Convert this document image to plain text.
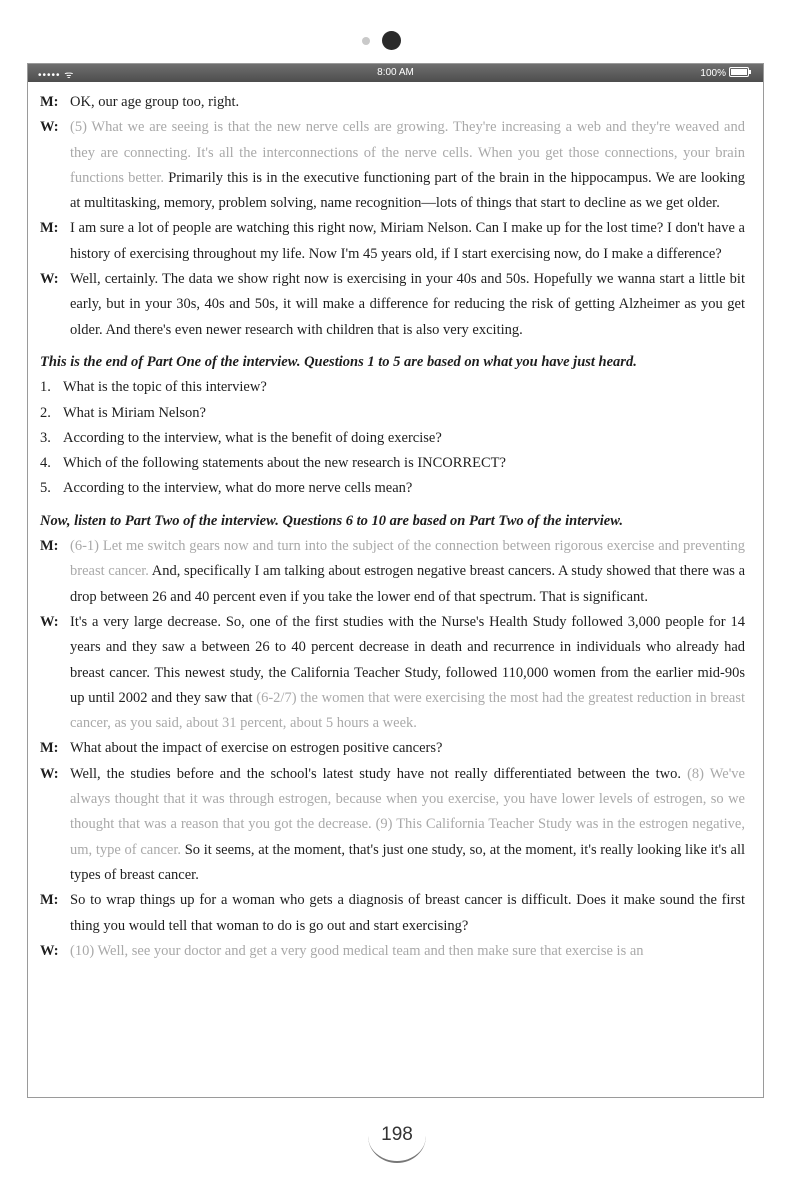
••••• ᯤ	8:00 AM	100%
M: OK, our age group too, right.
W: (5) What we are seeing is that the new nerve cells are growing. They're increasing a web and they're weaved and they are connecting. It's all the interconnections of the nerve cells. When you get those connections, your brain functions better. Primarily this is in the executive functioning part of the brain in the hippocampus. We are looking at multitasking, memory, problem solving, name recognition—lots of things that start to decline as we get older.
M: I am sure a lot of people are watching this right now, Miriam Nelson. Can I make up for the lost time? I don't have a history of exercising throughout my life. Now I'm 45 years old, if I start exercising now, do I make a difference?
W: Well, certainly. The data we show right now is exercising in your 40s and 50s. Hopefully we wanna start a little bit early, but in your 30s, 40s and 50s, it will make a difference for reducing the risk of getting Alzheimer as you get older. And there's even newer research with children that is also very exciting.
This is the end of Part One of the interview. Questions 1 to 5 are based on what you have just heard.
1. What is the topic of this interview?
2. What is Miriam Nelson?
3. According to the interview, what is the benefit of doing exercise?
4. Which of the following statements about the new research is INCORRECT?
5. According to the interview, what do more nerve cells mean?
Now, listen to Part Two of the interview. Questions 6 to 10 are based on Part Two of the interview.
M: (6-1) Let me switch gears now and turn into the subject of the connection between rigorous exercise and preventing breast cancer. And, specifically I am talking about estrogen negative breast cancers. A study showed that there was a drop between 26 and 40 percent even if you take the lower end of that spectrum. That is significant.
W: It's a very large decrease. So, one of the first studies with the Nurse's Health Study followed 3,000 people for 14 years and they saw a between 26 to 40 percent decrease in death and recurrence in individuals who already had breast cancer. This newest study, the California Teacher Study, followed 110,000 women from the earlier mid-90s up until 2002 and they saw that (6-2/7) the women that were exercising the most had the greatest reduction in breast cancer, as you said, about 31 percent, about 5 hours a week.
M: What about the impact of exercise on estrogen positive cancers?
W: Well, the studies before and the school's latest study have not really differentiated between the two. (8) We've always thought that it was through estrogen, because when you exercise, you have lower levels of estrogen, so we thought that was a reason that you got the decrease. (9) This California Teacher Study was in the estrogen negative, um, type of cancer. So it seems, at the moment, that's just one study, so, at the moment, it's really looking like it's all types of breast cancer.
M: So to wrap things up for a woman who gets a diagnosis of breast cancer is difficult. Does it make sound the first thing you would tell that woman to do is go out and start exercising?
W: (10) Well, see your doctor and get a very good medical team and then make sure that exercise is an
198
